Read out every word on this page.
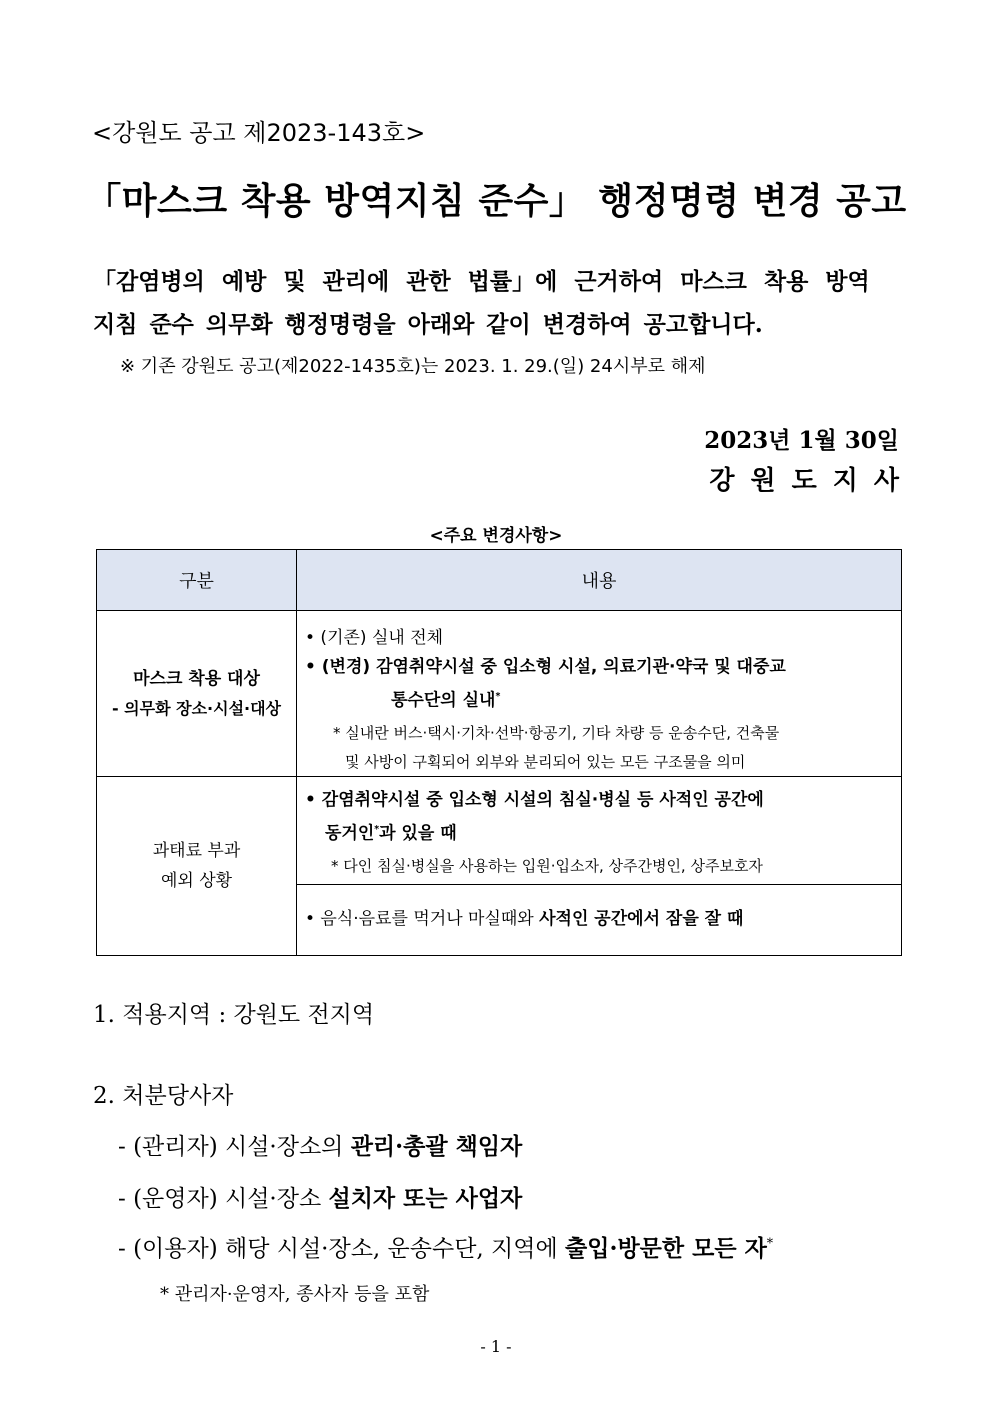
<강원도 공고 제2023-143호>
「마스크 착용 방역지침 준수」 행정명령 변경 공고
「감염병의 예방 및 관리에 관한 법률」에 근거하여 마스크 착용 방역
지침 준수 의무화 행정명령을 아래와 같이 변경하여 공고합니다.
※ 기존 강원도 공고(제2022-1435호)는 2023. 1. 29.(일) 24시부로 해제
2023년 1월 30일
강원도지사
<주요 변경사항>
구분	내용

마스크 착용 대상
- 의무화 장소·시설·대상	• (기존) 실내 전체
• (변경) 감염취약시설 중 입소형 시설, 의료기관·약국 및 대중교
통수단의 실내*
* 실내란 버스·택시·기차·선박·항공기, 기타 차량 등 운송수단, 건축물
및 사방이 구획되어 외부와 분리되어 있는 모든 구조물을 의미

과태료 부과
예외 상황	• 감염취약시설 중 입소형 시설의 침실·병실 등 사적인 공간에
동거인*과 있을 때
* 다인 침실·병실을 사용하는 입원·입소자, 상주간병인, 상주보호자

	• 음식·음료를 먹거나 마실때와 사적인 공간에서 잠을 잘 때
1. 적용지역 : 강원도 전지역
2. 처분당사자
- (관리자) 시설·장소의 관리·총괄 책임자
- (운영자) 시설·장소 설치자 또는 사업자
- (이용자) 해당 시설·장소, 운송수단, 지역에 출입·방문한 모든 자*
* 관리자·운영자, 종사자 등을 포함
- 1 -
